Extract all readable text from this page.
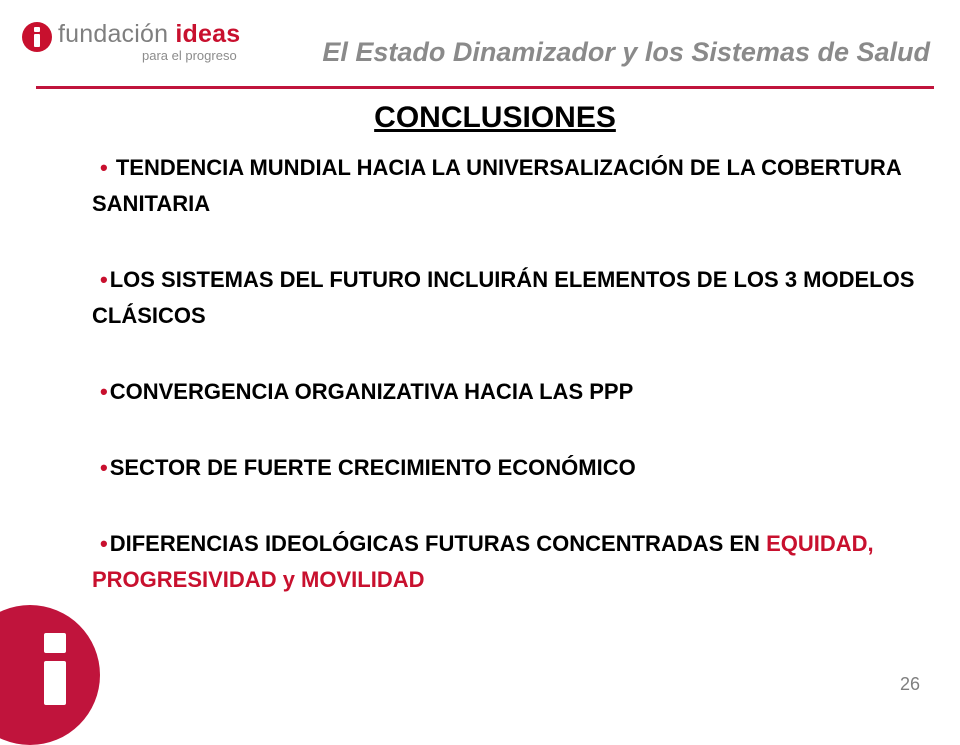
fundación ideas
para el progreso	El Estado Dinamizador y los Sistemas de Salud
CONCLUSIONES
• TENDENCIA MUNDIAL HACIA LA UNIVERSALIZACIÓN DE LA COBERTURA SANITARIA
•LOS SISTEMAS DEL FUTURO INCLUIRÁN ELEMENTOS DE LOS 3 MODELOS CLÁSICOS
•CONVERGENCIA ORGANIZATIVA HACIA LAS PPP
•SECTOR DE FUERTE CRECIMIENTO ECONÓMICO
•DIFERENCIAS IDEOLÓGICAS FUTURAS CONCENTRADAS EN EQUIDAD, PROGRESIVIDAD y MOVILIDAD
26
